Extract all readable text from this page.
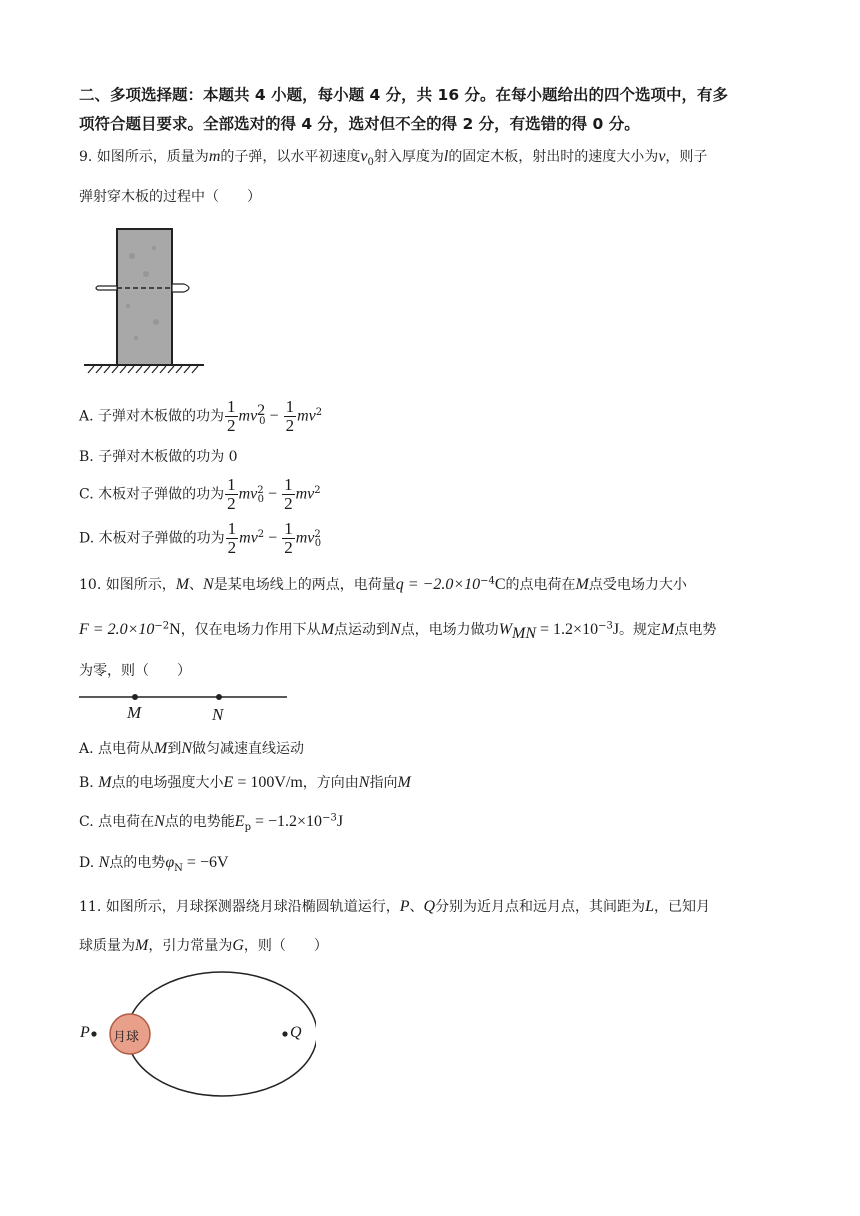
二、多项选择题：本题共 4 小题，每小题 4 分，共 16 分。在每小题给出的四个选项中，有多
项符合题目要求。全部选对的得 4 分，选对但不全的得 2 分，有选错的得 0 分。
9. 如图所示，质量为m的子弹，以水平初速度$v_0$射入厚度为l的固定木板，射出时的速度大小为v，则子
弹射穿木板的过程中（　　）
A. 子弹对木板做的功为 $\frac{1}{2} mv^2_0 - \frac{1}{2} mv^2$
B. 子弹对木板做的功为 0
C. 木板对子弹做的功为 $\frac{1}{2} mv^2_0 - \frac{1}{2} mv^2$
D. 木板对子弹做的功为 $\frac{1}{2} mv^2 - \frac{1}{2} mv^2_0$
10. 如图所示，M、N是某电场线上的两点，电荷量$q = -2.0\times 10^{-4}C$的点电荷在M点受电场力大小
$F = 2.0\times 10^{-2}N$，仅在电场力作用下从M点运动到N点，电场力做功$W_{MN} = 1.2\times 10^{-3}J$。规定M点电势
为零，则（　　）
M	N
A. 点电荷从M到N做匀减速直线运动
B. M点的电场强度大小E = 100V/m，方向由N指向M
C. 点电荷在N点的电势能$E_p = -1.2\times 10^{-3}J$
D. N点的电势$\varphi_N = -6V$
11. 如图所示，月球探测器绕月球沿椭圆轨道运行，P、Q分别为近月点和远月点，其间距为L，已知月
球质量为M，引力常量为G，则（　　）
月球
P	Q
